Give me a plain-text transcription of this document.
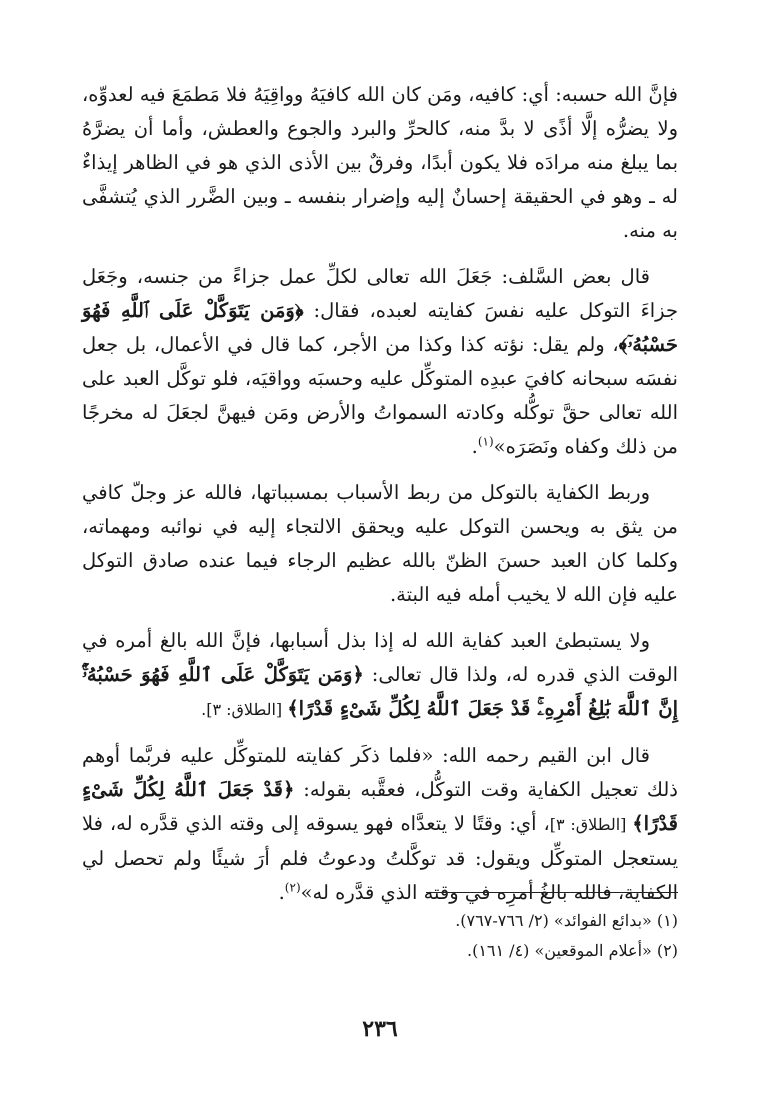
فإنَّ الله حسبه: أي: كافيه، ومَن كان الله كافيَهُ وواقِيَهُ فلا مَطمَعَ فيه لعدوِّه، ولا يضرُّه إلَّا أذًى لا بدَّ منه، كالحرِّ والبرد والجوع والعطش، وأما أن يضرَّهُ بما يبلغ منه مرادَه فلا يكون أبدًا، وفرقٌ بين الأذى الذي هو في الظاهر إيذاءٌ له ـ وهو في الحقيقة إحسانٌ إليه وإضرار بنفسه ـ وبين الضَّرر الذي يُتشفَّى به منه.

قال بعض السَّلف: جَعَلَ الله تعالى لكلِّ عمل جزاءً من جنسه، وجَعَل جزاءَ التوكل عليه نفسَ كفايته لعبده، فقال: ﴿وَمَن يَتَوَكَّلْ عَلَى ٱللَّهِ فَهُوَ حَسْبُهُۥٓ﴾، ولم يقل: نؤته كذا وكذا من الأجر، كما قال في الأعمال، بل جعل نفسَه سبحانه كافيَ عبدِه المتوكِّل عليه وحسبَه وواقيَه، فلو توكَّل العبد على الله تعالى حقَّ توكُّله وكادته السمواتُ والأرض ومَن فيهنَّ لجعَلَ له مخرجًا من ذلك وكفاه ونَصَرَه»$^{(١)}$.

وربط الكفاية بالتوكل من ربط الأسباب بمسبباتها، فالله عز وجلّ كافي من يثق به ويحسن التوكل عليه ويحقق الالتجاء إليه في نوائبه ومهماته، وكلما كان العبد حسنَ الظنّ بالله عظيم الرجاء فيما عنده صادق التوكل عليه فإن الله لا يخيب أمله فيه البتة.

ولا يستبطئ العبد كفاية الله له إذا بذل أسبابها، فإنَّ الله بالغ أمره في الوقت الذي قدره له، ولذا قال تعالى: ﴿وَمَن يَتَوَكَّلْ عَلَى ٱللَّهِ فَهُوَ حَسْبُهُۥٓۚ إِنَّ ٱللَّهَ بَٰلِغُ أَمْرِهِۦۚ قَدْ جَعَلَ ٱللَّهُ لِكُلِّ شَىْءٍ قَدْرًا﴾ [الطلاق: ٣].

قال ابن القيم رحمه الله: «فلما ذكَر كفايته للمتوكِّل عليه فربَّما أوهم ذلك تعجيل الكفاية وقت التوكُّل، فعقَّبه بقوله: ﴿قَدْ جَعَلَ ٱللَّهُ لِكُلِّ شَىْءٍ قَدْرًا﴾ [الطلاق: ٣]، أي: وقتًا لا يتعدَّاه فهو يسوقه إلى وقته الذي قدَّره له، فلا يستعجل المتوكِّل ويقول: قد توكَّلتُ ودعوتُ فلم أرَ شيئًا ولم تحصل لي الكفاية، فالله بالغُ أمرِه في وقته الذي قدَّره له»$^{(٢)}$.

(١) «بدائع الفوائد» (٢/ ٧٦٦-٧٦٧).

(٢) «أعلام الموقعين» (٤/ ١٦١).

٢٣٦
